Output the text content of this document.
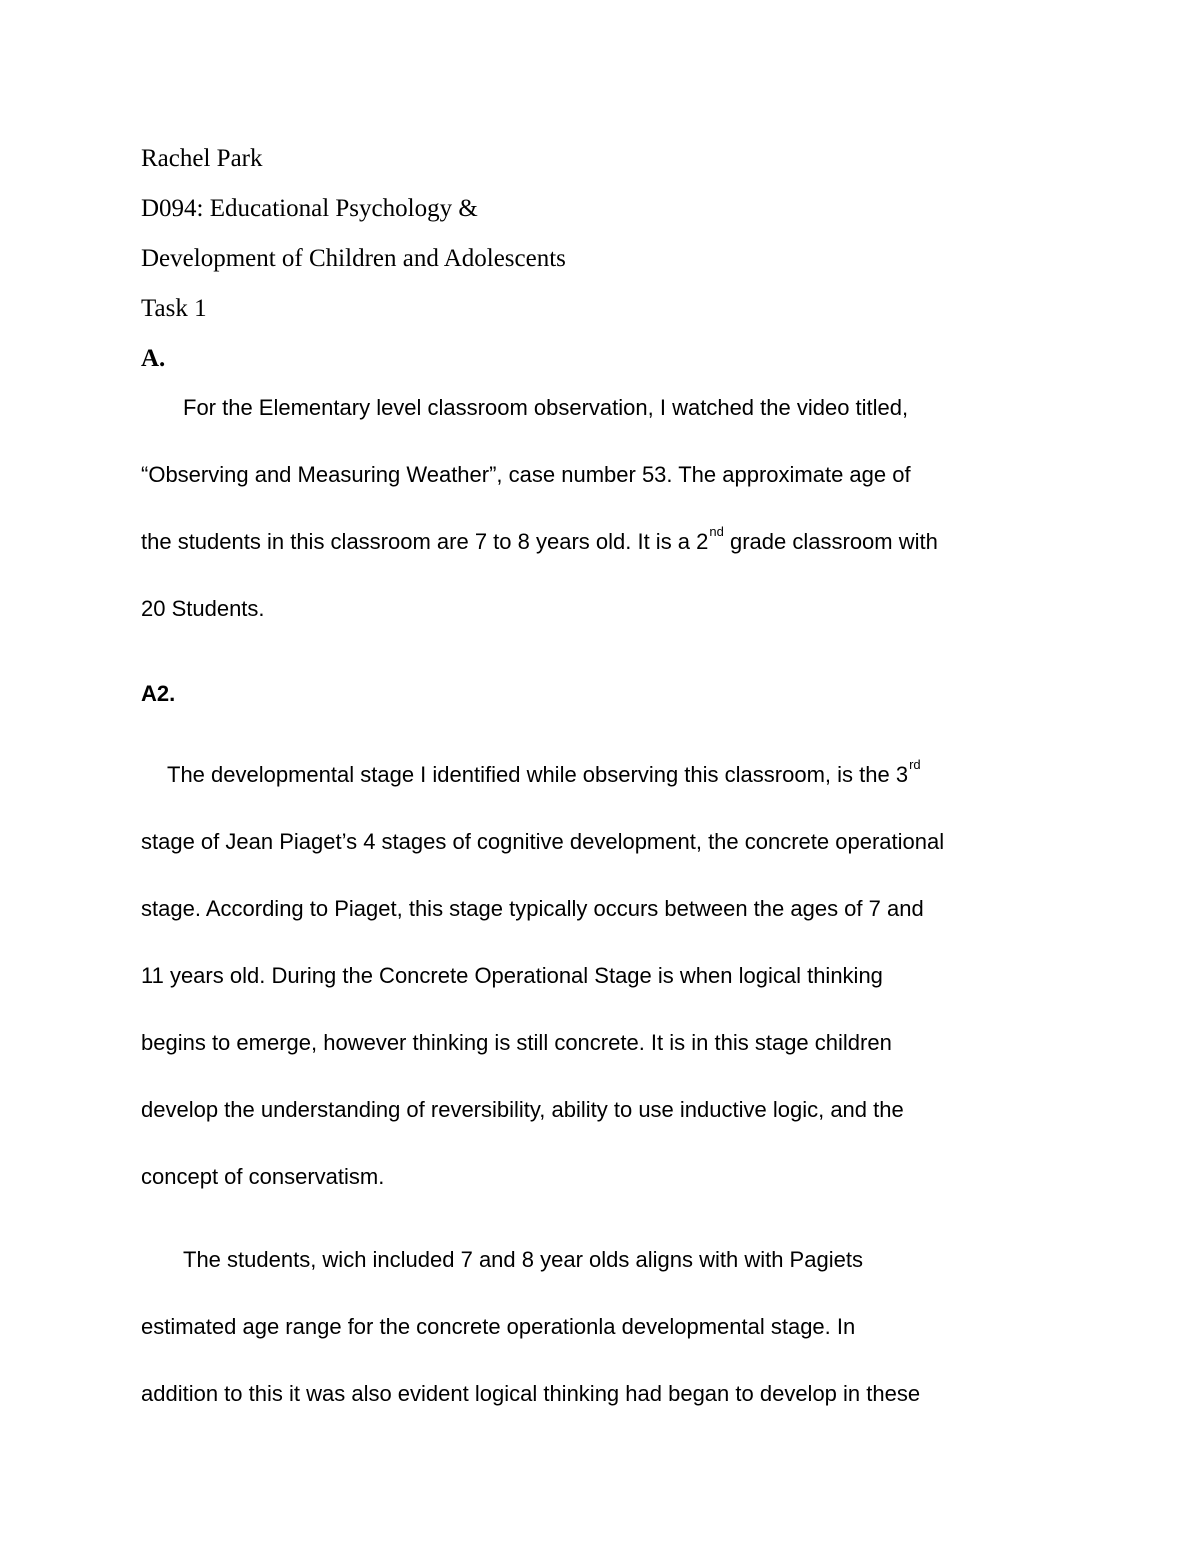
Rachel Park
D094: Educational Psychology &
Development of Children and Adolescents
Task 1
A.
For the Elementary level classroom observation, I watched the video titled,
“Observing and Measuring Weather”, case number 53. The approximate age of
the students in this classroom are 7 to 8 years old. It is a 2nd grade classroom with
20 Students.
A2.
The developmental stage I identified while observing this classroom, is the 3rd
stage of Jean Piaget’s 4 stages of cognitive development, the concrete operational
stage. According to Piaget, this stage typically occurs between the ages of 7 and
11 years old. During the Concrete Operational Stage is when logical thinking
begins to emerge, however thinking is still concrete. It is in this stage children
develop the understanding of reversibility, ability to use inductive logic, and the
concept of conservatism.
The students, wich included 7 and 8 year olds aligns with with Pagiets
estimated age range for the concrete operationla developmental stage. In
addition to this it was also evident logical thinking had began to develop in these
